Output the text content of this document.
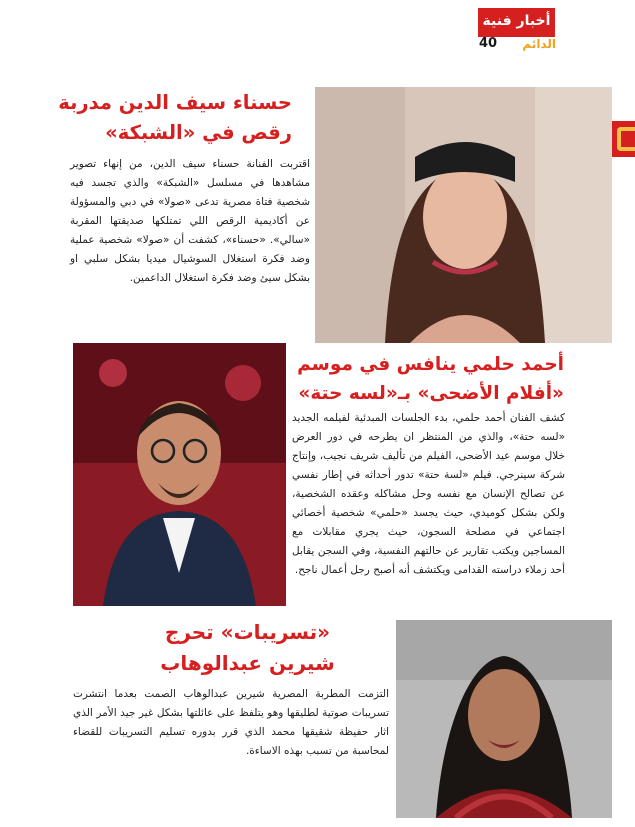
أخبار فنية
الدائم
40
حسناء سيف الدين مدربة
رقص في «الشبكة»
اقتربت الفنانة حسناء سيف الدين، من إنهاء تصوير مشاهدها في مسلسل «الشبكة» والذي تجسد فيه شخصية فتاة مصرية تدعى «صولا» في دبي والمسؤولة عن أكاديمية الرقص اللي تمتلكها صديقتها المقربة «سالي». «حسناء»، كشفت أن «صولا» شخصية عملية وضد فكرة استغلال السوشيال ميديا بشكل سلبي او بشكل سيئ وضد فكرة استغلال الداعمين.
أحمد حلمي ينافس في موسم
«أفلام الأضحى» بـ«لسه حتة»
كشف الفنان أحمد حلمي، بدء الجلسات المبدئية لفيلمه الجديد «لسه حتة»، والذي من المنتظر ان يطرحه في دور العرض خلال موسم عيد الأضحى، الفيلم من تأليف شريف نجيب، وإنتاج شركة سينرجي. فيلم «لسة حتة» تدور أحداثه في إطار نفسي عن تصالح الإنسان مع نفسه وحل مشاكله وعقده الشخصية، ولكن بشكل كوميدي، حيث يجسد «حلمي» شخصية أخصائي اجتماعي في مصلحة السجون، حيث يجري مقابلات مع المساجين ويكتب تقارير عن حالتهم النفسية، وفي السجن يقابل أحد زملاء دراسته القدامى ويكتشف أنه أصبح رجل أعمال ناجح.
«تسريبات» تحرج
شيرين عبدالوهاب
التزمت المطربة المصرية شيرين عبدالوهاب الصمت بعدما انتشرت تسريبات صوتية لطليقها وهو يتلفظ على عائلتها بشكل غير جيد الأمر الذي اثار حفيظة شقيقها محمد الذي قرر بدوره تسليم التسريبات للقضاء لمحاسبة من تسبب بهذه الاساءة.
